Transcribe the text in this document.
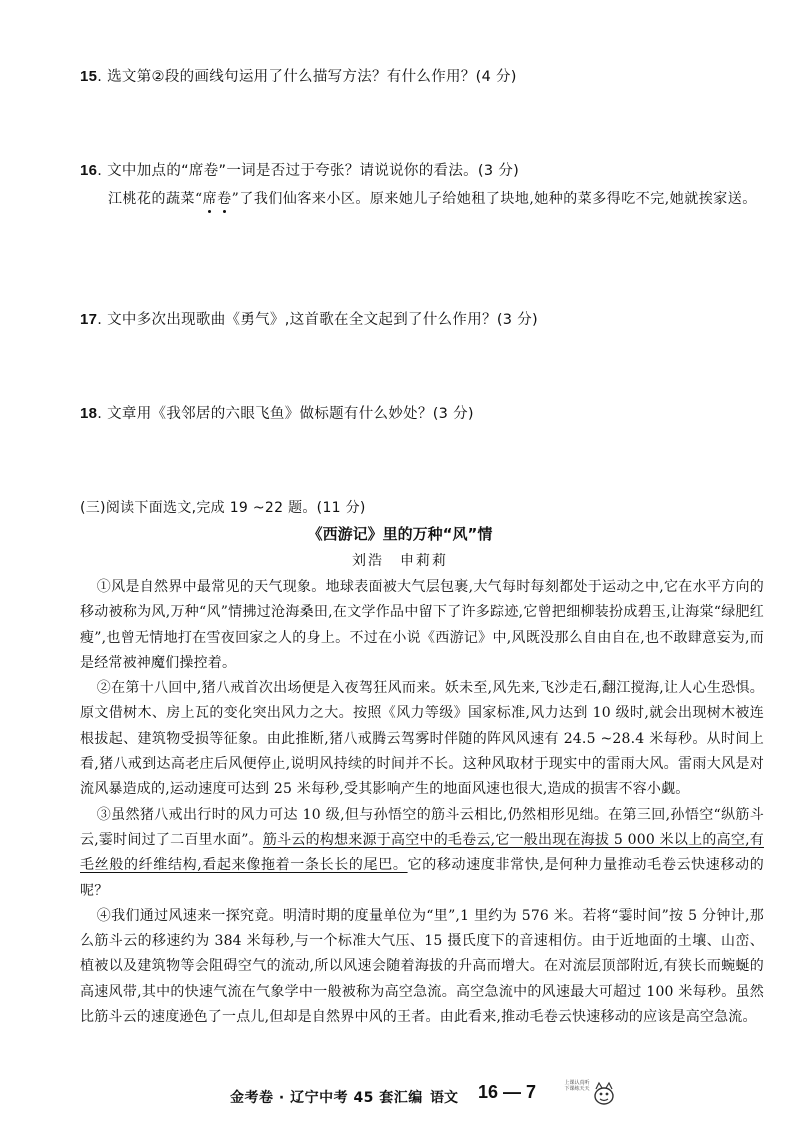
15. 选文第②段的画线句运用了什么描写方法？有什么作用？(4 分)
16. 文中加点的“席卷”一词是否过于夸张？请说说你的看法。(3 分)
江桃花的蔬菜“席卷”了我们仙客来小区。原来她儿子给她租了块地,她种的菜多得吃不完,她就挨家送。
17. 文中多次出现歌曲《勇气》,这首歌在全文起到了什么作用？(3 分)
18. 文章用《我邻居的六眼飞鱼》做标题有什么妙处？(3 分)
(三)阅读下面选文,完成 19 ~22 题。(11 分)
《西游记》里的万种“风”情
刘浩　申莉莉

①风是自然界中最常见的天气现象。地球表面被大气层包裹,大气每时每刻都处于运动之中,它在水平方向的移动被称为风,万种“风”情拂过沧海桑田,在文学作品中留下了许多踪迹,它曾把细柳装扮成碧玉,让海棠“绿肥红瘦”,也曾无情地打在雪夜回家之人的身上。不过在小说《西游记》中,风既没那么自由自在,也不敢肆意妄为,而是经常被神魔们操控着。

②在第十八回中,猪八戒首次出场便是入夜驾狂风而来。妖未至,风先来,飞沙走石,翻江搅海,让人心生恐惧。原文借树木、房上瓦的变化突出风力之大。按照《风力等级》国家标准,风力达到 10 级时,就会出现树木被连根拔起、建筑物受损等征象。由此推断,猪八戒腾云驾雾时伴随的阵风风速有 24.5 ~28.4 米每秒。从时间上看,猪八戒到达高老庄后风便停止,说明风持续的时间并不长。这种风取材于现实中的雷雨大风。雷雨大风是对流风暴造成的,运动速度可达到 25 米每秒,受其影响产生的地面风速也很大,造成的损害不容小觑。

③虽然猪八戒出行时的风力可达 10 级,但与孙悟空的筋斗云相比,仍然相形见绌。在第三回,孙悟空“纵筋斗云,霎时间过了二百里水面”。筋斗云的构想来源于高空中的毛卷云,它一般出现在海拔 5 000 米以上的高空,有毛丝般的纤维结构,看起来像拖着一条长长的尾巴。它的移动速度非常快,是何种力量推动毛卷云快速移动的呢？

④我们通过风速来一探究竟。明清时期的度量单位为“里”,1 里约为 576 米。若将“霎时间”按 5 分钟计,那么筋斗云的移速约为 384 米每秒,与一个标准大气压、15 摄氏度下的音速相仿。由于近地面的土壤、山峦、植被以及建筑物等会阻碍空气的流动,所以风速会随着海拔的升高而增大。在对流层顶部附近,有狭长而蜿蜒的高速风带,其中的快速气流在气象学中一般被称为高空急流。高空急流中的风速最大可超过 100 米每秒。虽然比筋斗云的速度逊色了一点儿,但却是自然界中风的王者。由此看来,推动毛卷云快速移动的应该是高空急流。

金考卷 · 辽宁中考 45 套汇编 语文 16 — 7	上课认真听 下课练天天
